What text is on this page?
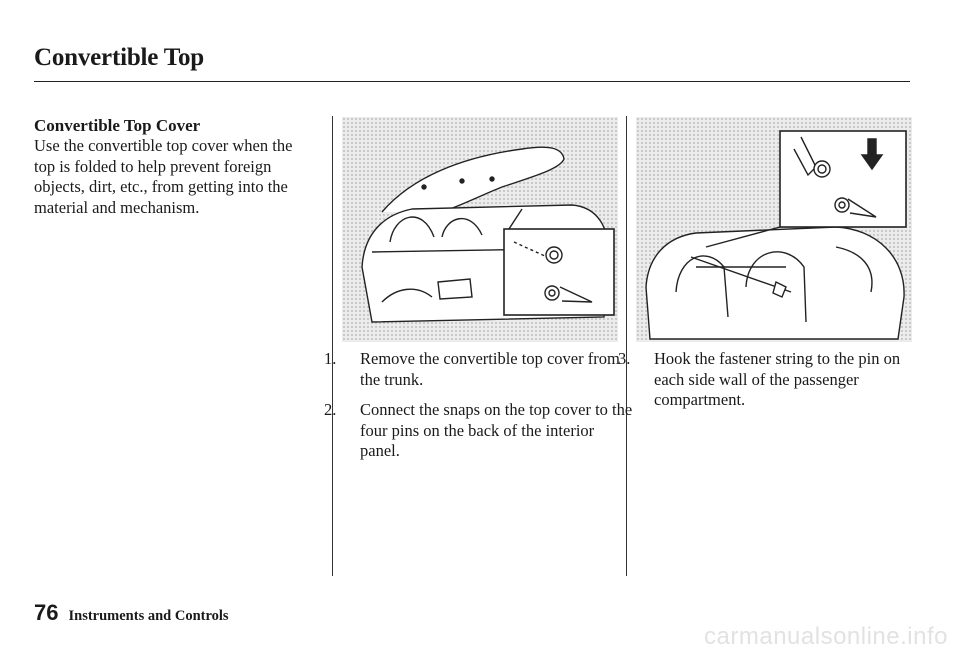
Convertible Top
Convertible Top Cover

Use the convertible top cover when the top is folded to help prevent foreign objects, dirt, etc., from getting into the material and mechanism.

1. Remove the convertible top cover from the trunk.
2. Connect the snaps on the top cover to the four pins on the back of the interior panel.
3. Hook the fastener string to the pin on each side wall of the passenger compartment.
76 Instruments and Controls
carmanualsonline.info
